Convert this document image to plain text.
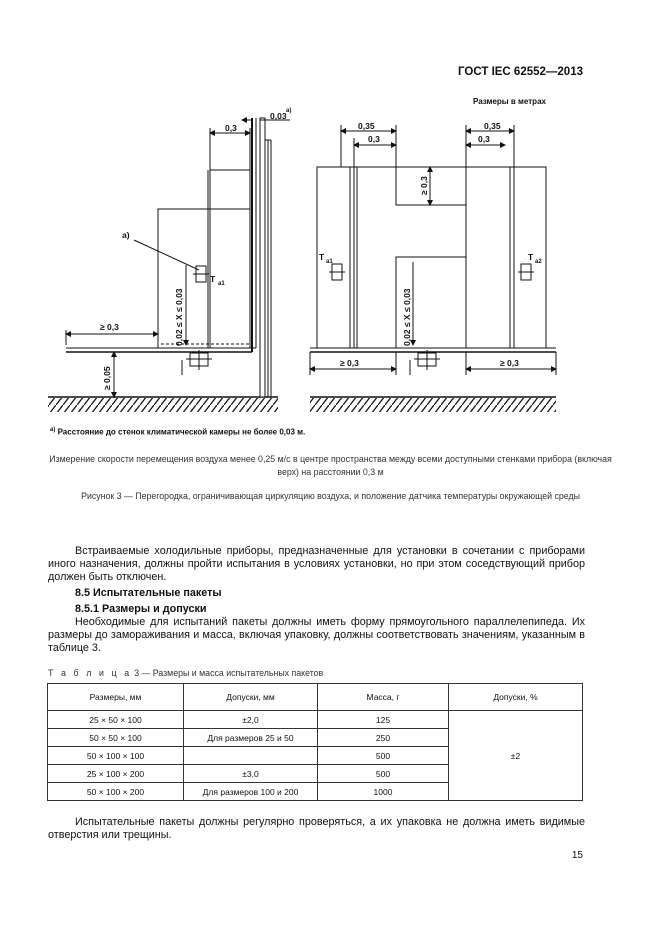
ГОСТ IEC 62552—2013
Размеры в метрах
0,3
0,03 а)
а)
T a1
≥ 0,3	0,02 ≤ X ≤ 0,03
≥ 0,05
0,35
0,3
0,35
0,3
≥ 0,3
T a1	T a2
0,02 ≤ X ≤ 0,03
≥ 0,3	≥ 0,3
$^{а)}$ Расстояние до стенок климатической камеры не более 0,03 м.
Измерение скорости перемещения воздуха менее 0,25 м/с в центре пространства между всеми доступными стенками прибора (включая верх) на расстоянии 0,3 м
Рисунок 3 — Перегородка, ограничивающая циркуляцию воздуха, и положение датчика температуры окружающей среды
Встраиваемые холодильные приборы, предназначенные для установки в сочетании с приборами иного назначения, должны пройти испытания в условиях установки, но при этом соседствующий прибор должен быть отключен.
8.5 Испытательные пакеты
8.5.1 Размеры и допуски
Необходимые для испытаний пакеты должны иметь форму прямоугольного параллелепипеда. Их размеры до замораживания и масса, включая упаковку, должны соответствовать значениям, указанным в таблице 3.
Т а б л и ц а 3 — Размеры и масса испытательных пакетов
Размеры, мм	Допуски, мм	Масса, г	Допуски, %
25 × 50 × 100	±2,0	125	
50 × 50 × 100	Для размеров 25 и 50	250	
50 × 100 × 100		500	±2
25 × 100 × 200	±3,0	500	
50 × 100 × 200	Для размеров 100 и 200	1000	
Испытательные пакеты должны регулярно проверяться, а их упаковка не должна иметь видимые отверстия или трещины.
15
